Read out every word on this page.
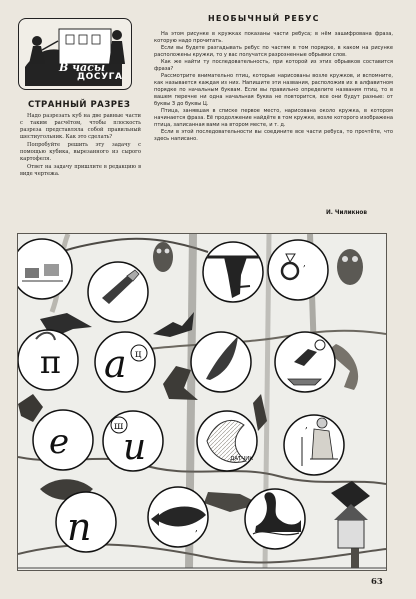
В часы
ДОСУГА
СТРАННЫЙ РАЗРЕЗ

Надо разрезать куб на две равные части с таким расчётом, чтобы плоскость разреза представляла собой правильный шестиугольник. Как это сделать?

Попробуйте решить эту задачу с помощью кубика, вырезанного из сырого картофеля.

Ответ на задачу пришлите в редакцию в виде чертежа.

НЕОБЫЧНЫЙ РЕБУС

На этом рисунке в кружках показаны части ребуса; в нём зашифрована фраза, которую надо прочитать.

Если вы будете разгадывать ребус по частям в том порядке, в каком на рисунке расположены кружки, то у вас получатся разрозненные обрывки слов.

Как же найти ту последовательность, при которой из этих обрывков составится фраза?

Рассмотрите внимательно птиц, которые нарисованы возле кружков, и вспомните, как называется каждая из них. Напишите эти названия, расположив их в алфавитном порядке по начальным буквам. Если вы правильно определите названия птиц, то в вашем перечне ни одна начальная буква не повторится, все они будут разные: от буквы З до буквы Ц.

Птица, занявшая в списке первое место, нарисована около кружка, в котором начинается фраза. Её продолжение найдёте в том кружке, возле которого изображена птица, записанная вами на втором месте, и т. д.

Если в этой последовательности вы соедините все части ребуса, то прочтёте, что здесь написано.

И. Чиликнов
,
п а ц
е	ш
и	ДАТЧИК
,
п	,
63
